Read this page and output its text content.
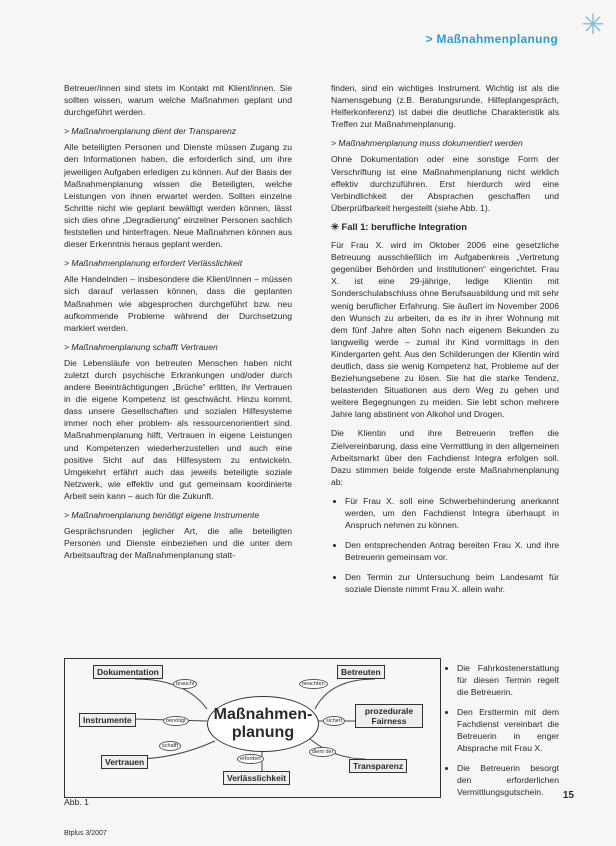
✳
> Maßnahmenplanung

Betreuer/innen sind stets im Kontakt mit Klient/innen. Sie sollten wissen, warum welche Maßnahmen geplant und durchgeführt werden.

> Maßnahmenplanung dient der Transparenz

Alle beteiligten Personen und Dienste müssen Zugang zu den Informationen haben, die erforderlich sind, um ihre jeweiligen Aufgaben erledigen zu können. Auf der Basis der Maßnahmenplanung wissen die Beteiligten, welche Leistungen von ihnen erwartet werden. Sollten einzelne Schritte nicht wie geplant bewältigt werden können, lässt sich dies ohne „Degradierung“ einzelner Personen sachlich feststellen und hinterfragen. Neue Maßnahmen können aus dieser Erkenntnis heraus geplant werden.

> Maßnahmenplanung erfordert Verlässlichkeit

Alle Handelnden – insbesondere die Klient/innen – müssen sich darauf verlassen können, dass die geplanten Maßnahmen wie abgesprochen durchgeführt bzw. neu aufkommende Probleme während der Durchsetzung markiert werden.

> Maßnahmenplanung schafft Vertrauen

Die Lebensläufe von betreuten Menschen haben nicht zuletzt durch psychische Erkrankungen und/oder durch andere Beeinträchtigungen „Brüche“ erlitten, ihr Vertrauen in die eigene Kompetenz ist geschwächt. Hinzu kommt, dass unsere Gesellschaften und sozialen Hilfesysteme immer noch eher problem- als ressourcenorientiert sind. Maßnahmenplanung hilft, Vertrauen in eigene Leistungen und Kompetenzen wiederherzustellen und auch eine positive Sicht auf das Hilfesystem zu entwickeln. Umgekehrt erfährt auch das jeweils beteiligte soziale Netzwerk, wie effektiv und gut gemeinsam koordinierte Arbeit sein kann – auch für die Zukunft.

> Maßnahmenplanung benötigt eigene Instrumente

Gesprächsrunden jeglicher Art, die alle beteiligten Personen und Dienste einbeziehen und die unter dem Arbeitsauftrag der Maßnahmenplanung statt-

finden, sind ein wichtiges Instrument. Wichtig ist als die Namensgebung (z.B. Beratungsrunde, Hilfeplangespräch, Helferkonferenz) ist dabei die deutliche Charakteristik als Treffen zur Maßnahmenplanung.

> Maßnahmenplanung muss dokumentiert werden

Ohne Dokumentation oder eine sonstige Form der Verschriftung ist eine Maßnahmenplanung nicht wirklich effektiv durchzuführen. Erst hierdurch wird eine Verbindlichkeit der Absprachen geschaffen und Überprüfbarkeit hergestellt (siehe Abb. 1).

✳ Fall 1: berufliche Integration

Für Frau X. wird im Oktober 2006 eine gesetzliche Betreuung ausschließlich im Aufgabenkreis „Vertretung gegenüber Behörden und Institutionen“ eingerichtet. Frau X. ist eine 29-jährige, ledige Klientin mit Sonderschulabschluss ohne Berufsausbildung und mit sehr wenig beruflicher Erfahrung. Sie äußert im November 2006 den Wunsch zu arbeiten, da es ihr in ihrer Wohnung mit dem fünf Jahre alten Sohn nach eigenem Bekunden zu langweilig werde – zumal ihr Kind vormittags in den Kindergarten geht. Aus den Schilderungen der Klientin wird deutlich, dass sie wenig Kompetenz hat, Probleme auf der Beziehungsebene zu lösen. Sie hat die starke Tendenz, belastenden Situationen aus dem Weg zu gehen und weitere Begegnungen zu meiden. Sie lebt schon mehrere Jahre lang abstinent von Alkohol und Drogen.

Die Klientin und ihre Betreuerin treffen die Zielvereinbarung, dass eine Vermittlung in den allgemeinen Arbeitsmarkt über den Fachdienst Integra erfolgen soll. Dazu stimmen beide folgende erste Maßnahmenplanung ab:

• Für Frau X. soll eine Schwerbehinderung anerkannt werden, um den Fachdienst Integra überhaupt in Anspruch nehmen zu können.
• Den entsprechenden Antrag bereiten Frau X. und ihre Betreuerin gemeinsam vor.
• Den Termin zur Untersuchung beim Landesamt für soziale Dienste nimmt Frau X. allein wahr.
Dokumentation	Betreuten
Instrumente
prozedurale Fairness
Vertrauen	Transparenz
Verlässlichkeit
braucht	beachten
benötigt	sichert
schafft
erfordert
dient der
Maßnahmen-planung
Abb. 1
• Die Fahrkostenerstattung für diesen Termin regelt die Betreuerin.
• Den Ersttermin mit dem Fachdienst vereinbart die Betreuerin in enger Absprache mit Frau X.
• Die Betreuerin besorgt den erforderlichen Vermittlungsgutschein.	15
Btplus 3/2007
